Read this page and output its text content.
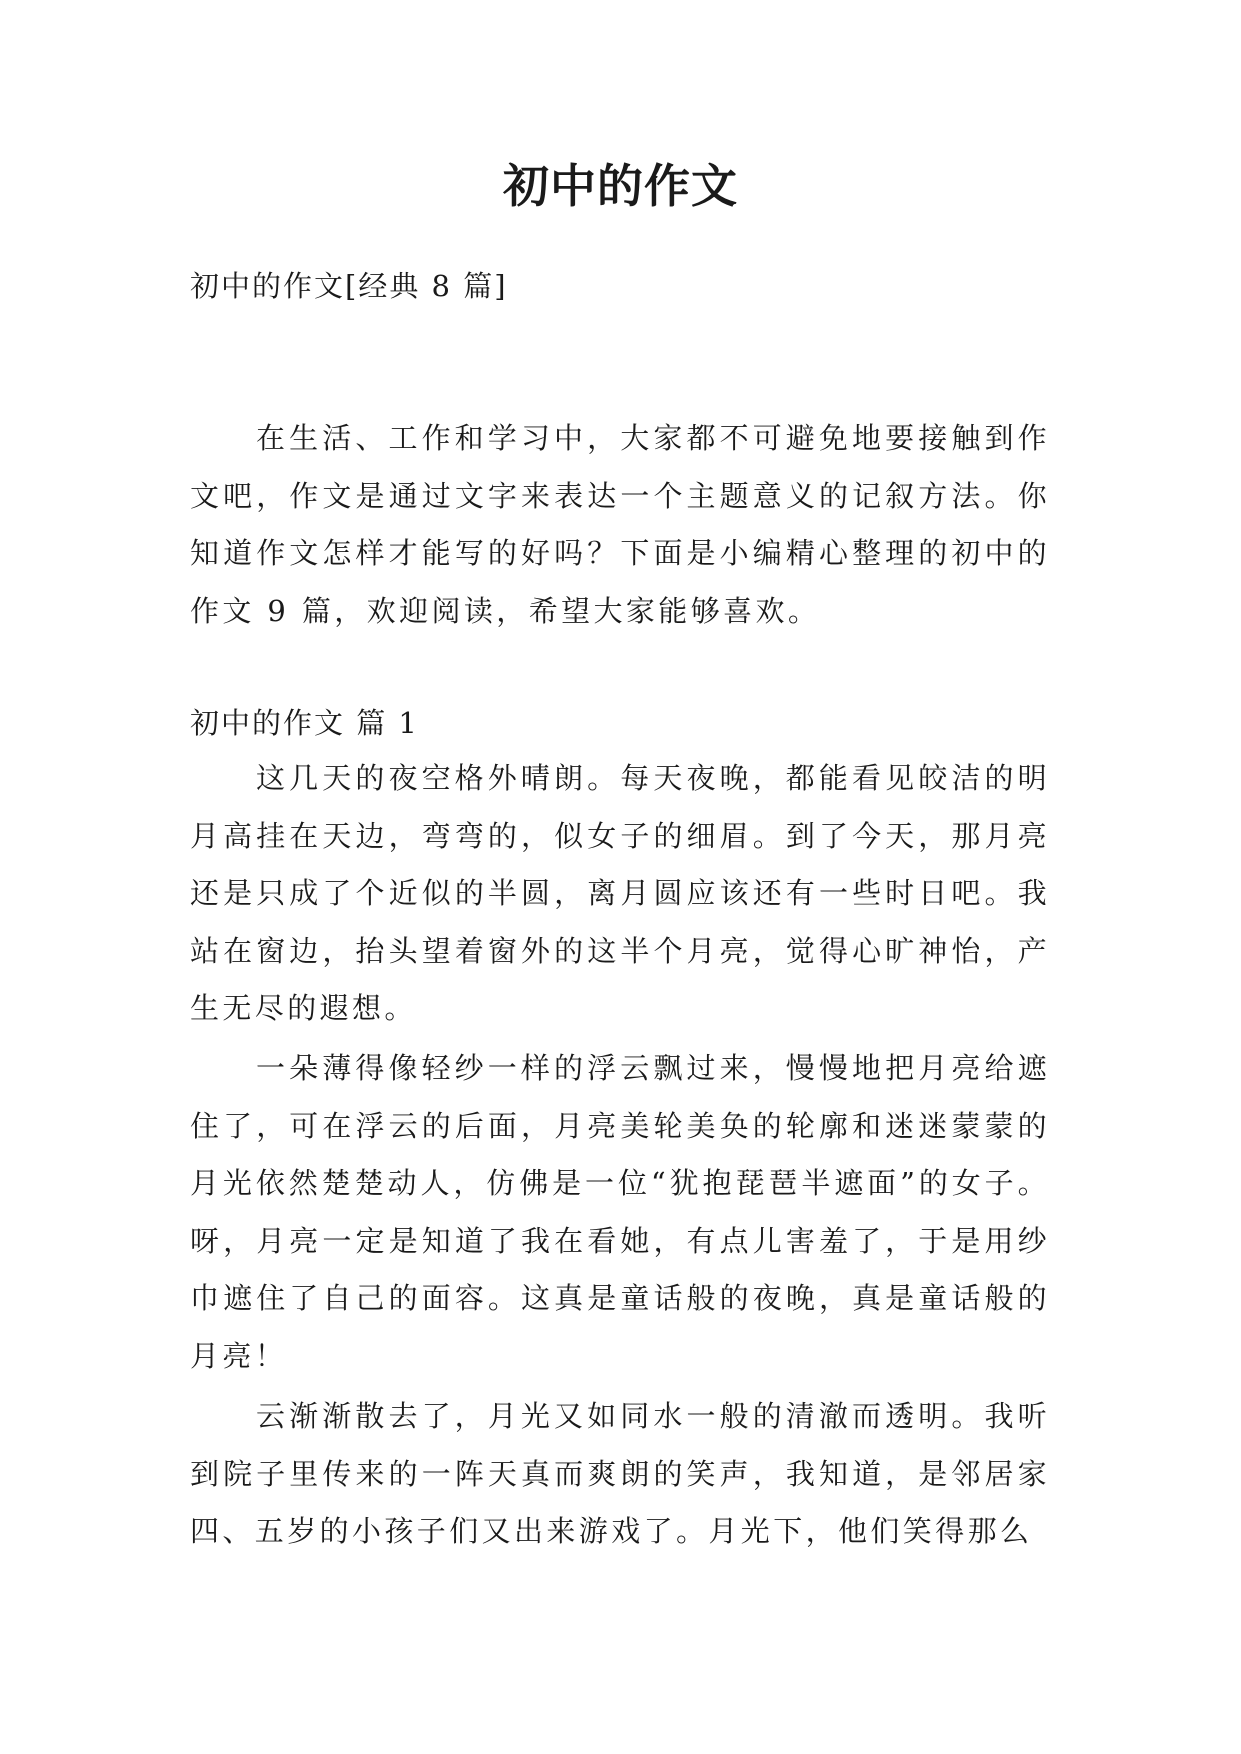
初中的作文
初中的作文[经典 8 篇]

在生活、工作和学习中，大家都不可避免地要接触到作文吧，作文是通过文字来表达一个主题意义的记叙方法。你知道作文怎样才能写的好吗？下面是小编精心整理的初中的作文 9 篇，欢迎阅读，希望大家能够喜欢。

初中的作文 篇 1

这几天的夜空格外晴朗。每天夜晚，都能看见皎洁的明月高挂在天边，弯弯的，似女子的细眉。到了今天，那月亮还是只成了个近似的半圆，离月圆应该还有一些时日吧。我站在窗边，抬头望着窗外的这半个月亮，觉得心旷神怡，产生无尽的遐想。

一朵薄得像轻纱一样的浮云飘过来，慢慢地把月亮给遮住了，可在浮云的后面，月亮美轮美奂的轮廓和迷迷蒙蒙的月光依然楚楚动人，仿佛是一位“犹抱琵琶半遮面”的女子。呀，月亮一定是知道了我在看她，有点儿害羞了，于是用纱巾遮住了自己的面容。这真是童话般的夜晚，真是童话般的月亮！

云渐渐散去了，月光又如同水一般的清澈而透明。我听到院子里传来的一阵天真而爽朗的笑声，我知道，是邻居家四、五岁的小孩子们又出来游戏了。月光下，他们笑得那么
